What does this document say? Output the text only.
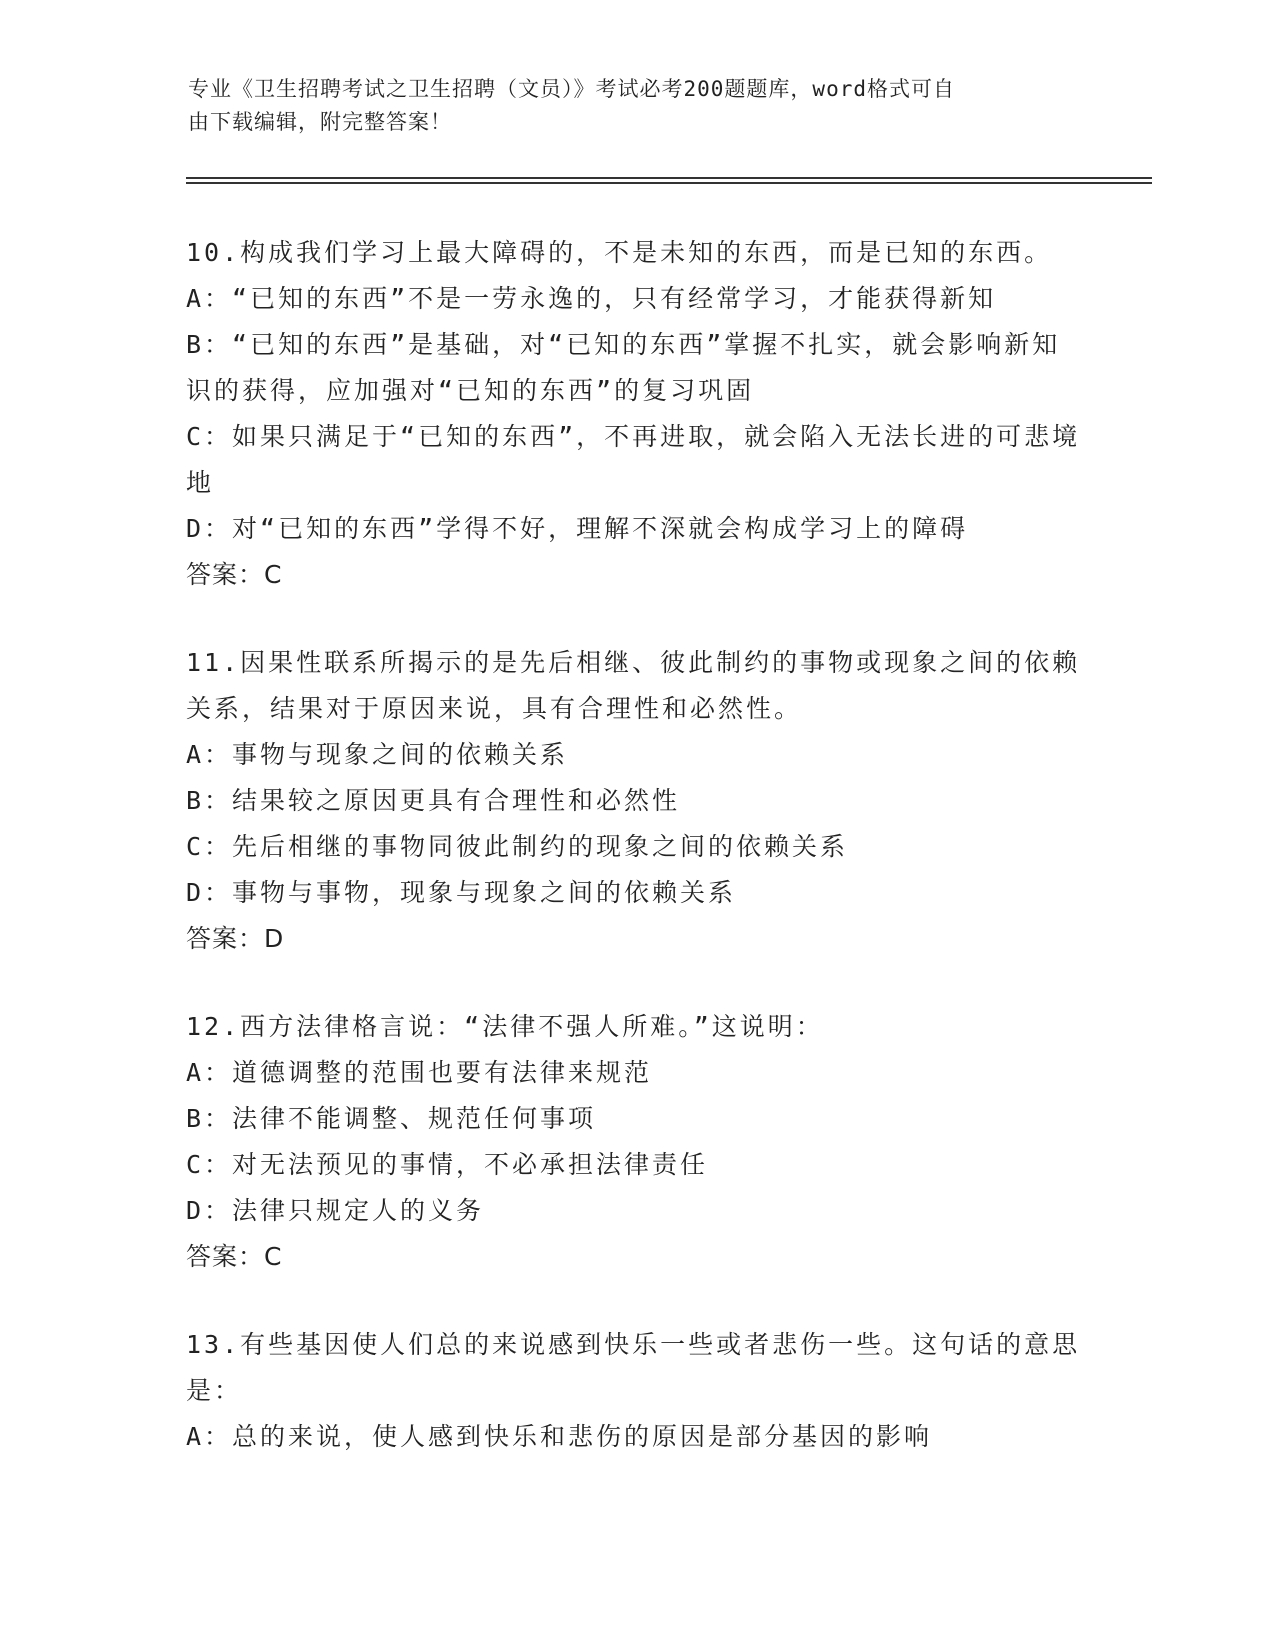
专业《卫生招聘考试之卫生招聘（文员）》考试必考200题题库，word格式可自
由下载编辑，附完整答案！

10.构成我们学习上最大障碍的，不是未知的东西，而是已知的东西。

A：“已知的东西”不是一劳永逸的，只有经常学习，才能获得新知

B：“已知的东西”是基础，对“已知的东西”掌握不扎实，就会影响新知识的获得，应加强对“已知的东西”的复习巩固

C：如果只满足于“已知的东西”，不再进取，就会陷入无法长进的可悲境地

D：对“已知的东西”学得不好，理解不深就会构成学习上的障碍

答案：C

11.因果性联系所揭示的是先后相继、彼此制约的事物或现象之间的依赖关系，结果对于原因来说，具有合理性和必然性。

A：事物与现象之间的依赖关系

B：结果较之原因更具有合理性和必然性

C：先后相继的事物同彼此制约的现象之间的依赖关系

D：事物与事物，现象与现象之间的依赖关系

答案：D

12.西方法律格言说：“法律不强人所难。”这说明：

A：道德调整的范围也要有法律来规范

B：法律不能调整、规范任何事项

C：对无法预见的事情，不必承担法律责任

D：法律只规定人的义务

答案：C

13.有些基因使人们总的来说感到快乐一些或者悲伤一些。这句话的意思是：

A：总的来说，使人感到快乐和悲伤的原因是部分基因的影响
